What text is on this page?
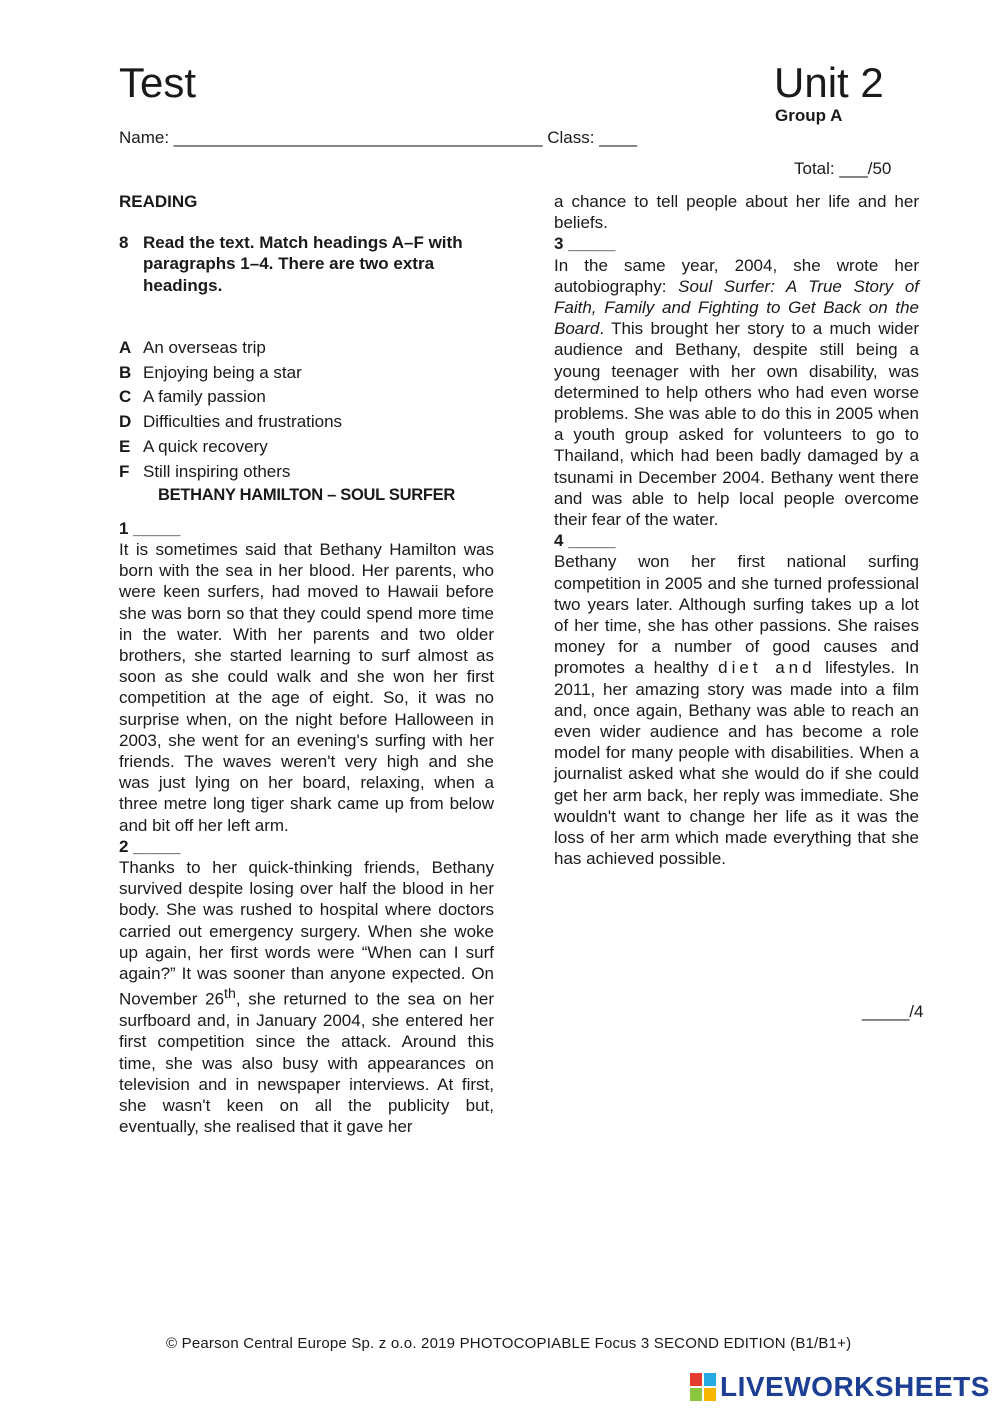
Test	Unit 2
Group A
Name: _______________________________________ Class: ____
Total: ___/50

READING

8 Read the text. Match headings A–F with paragraphs 1–4. There are two extra headings.
A An overseas trip
B Enjoying being a star
C A family passion
D Difficulties and frustrations
E A quick recovery
F Still inspiring others

BETHANY HAMILTON – SOUL SURFER

1 _____

It is sometimes said that Bethany Hamilton was born with the sea in her blood. Her parents, who were keen surfers, had moved to Hawaii before she was born so that they could spend more time in the water. With her parents and two older brothers, she started learning to surf almost as soon as she could walk and she won her first competition at the age of eight. So, it was no surprise when, on the night before Halloween in 2003, she went for an evening's surfing with her friends. The waves weren't very high and she was just lying on her board, relaxing, when a three metre long tiger shark came up from below and bit off her left arm.

2 _____

Thanks to her quick-thinking friends, Bethany survived despite losing over half the blood in her body. She was rushed to hospital where doctors carried out emergency surgery. When she woke up again, her first words were “When can I surf again?” It was sooner than anyone expected. On November 26th, she returned to the sea on her surfboard and, in January 2004, she entered her first competition since the attack. Around this time, she was also busy with appearances on television and in newspaper interviews. At first, she wasn't keen on all the publicity but, eventually, she realised that it gave her

a chance to tell people about her life and her beliefs.

3 _____

In the same year, 2004, she wrote her autobiography: Soul Surfer: A True Story of Faith, Family and Fighting to Get Back on the Board. This brought her story to a much wider audience and Bethany, despite still being a young teenager with her own disability, was determined to help others who had even worse problems. She was able to do this in 2005 when a youth group asked for volunteers to go to Thailand, which had been badly damaged by a tsunami in December 2004. Bethany went there and was able to help local people overcome their fear of the water.

4 _____

Bethany won her first national surfing competition in 2005 and she turned professional two years later. Although surfing takes up a lot of her time, she has other passions. She raises money for a number of good causes and promotes a healthy diet and lifestyles. In 2011, her amazing story was made into a film and, once again, Bethany was able to reach an even wider audience and has become a role model for many people with disabilities. When a journalist asked what she would do if she could get her arm back, her reply was immediate. She wouldn't want to change her life as it was the loss of her arm which made everything that she has achieved possible.

_____/4
© Pearson Central Europe Sp. z o.o. 2019 PHOTOCOPIABLE Focus 3 SECOND EDITION (B1/B1+)
LIVEWORKSHEETS
